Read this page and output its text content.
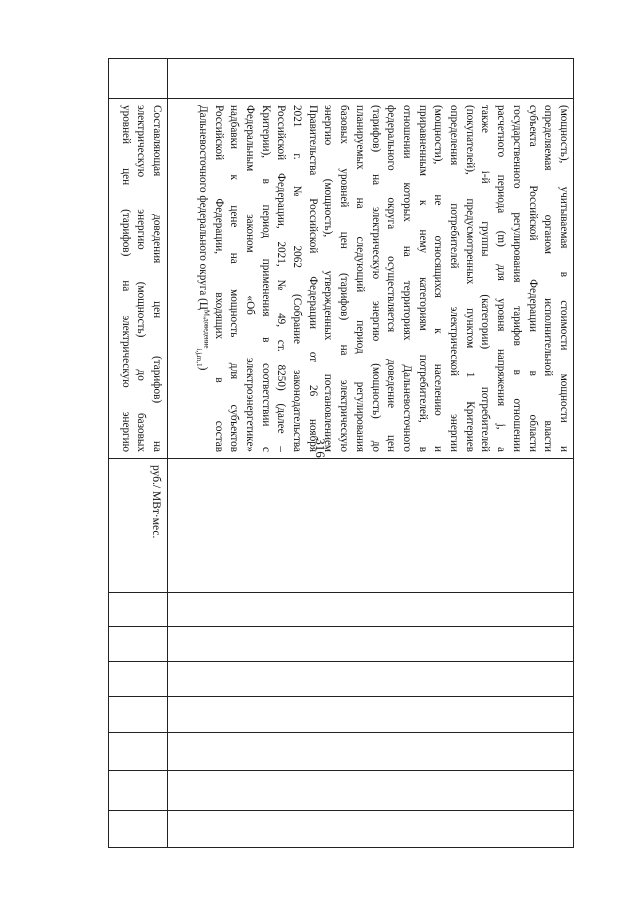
316	(мощность), учитываемая в стоимости мощности и
определяемая органом исполнительной власти
субъекта Российской Федерации в области
государственного регулирования тарифов в отношении
расчетного периода (m) для уровня напряжения j, а
также i-й группы (категории) потребителей
(покупателей), предусмотренных пунктом 1 Критериев
определения потребителей электрической энергии
(мощности), не относящихся к населению и
приравненным к нему категориям потребителей, в
отношении которых на территориях Дальневосточного
федерального округа осуществляется доведение цен
(тарифов) на электрическую энергию (мощность) до
планируемых на следующий период регулирования
базовых уровней цен (тарифов) на электрическую
энергию (мощность), утвержденных постановлением
Правительства Российской Федерации от 26 ноября
2021 г. № 2062 (Собрание законодательства
Российской Федерации, 2021, № 49, ст. 8250) (далее –
Критерии), в период применения в соответствии с
Федеральным законом «Об электроэнергетике»
надбавки к цене на мощность для субъектов
Российской Федерации, входящих в состав
Дальневосточного федерального округа $(Ц^{M,доведение}_{i,j,m,1})$
Составляющая доведения цен (тарифов) на
электрическую энергию (мощность) до базовых
уровней цен (тарифов) на электрическую энергию
руб./ МВт·мес.
